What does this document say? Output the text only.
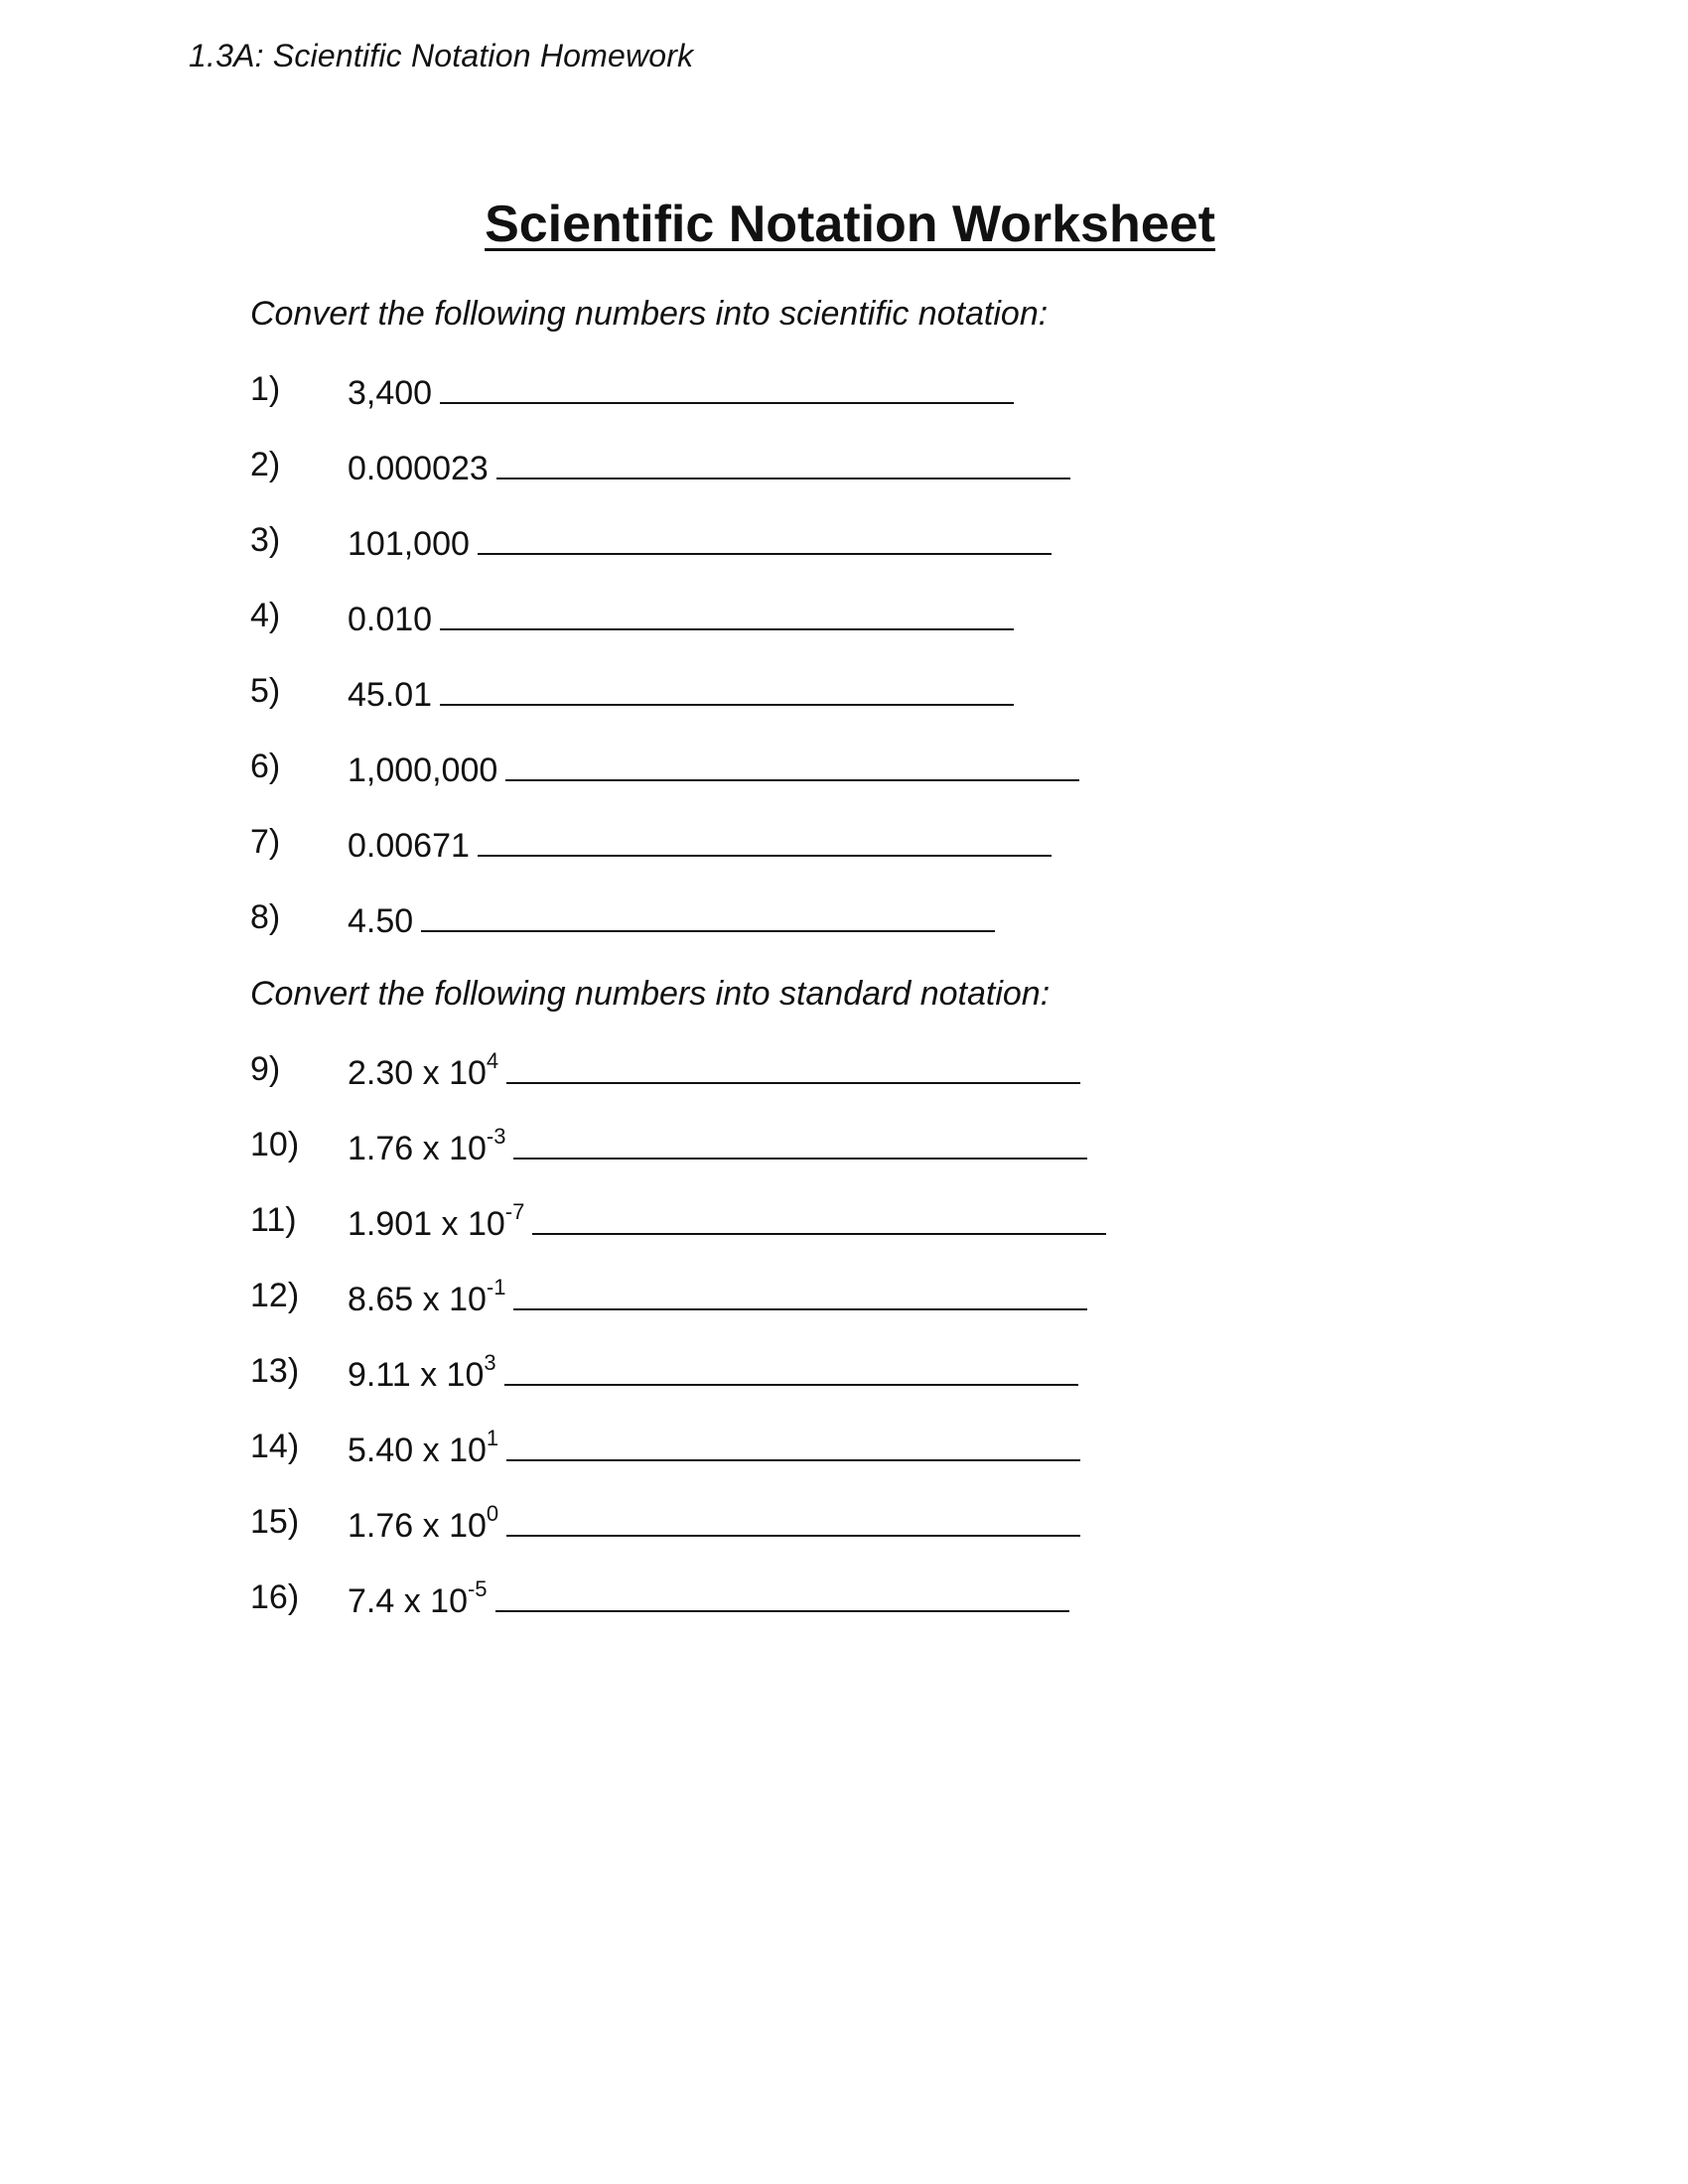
1.3A: Scientific Notation Homework
Scientific Notation Worksheet
Convert the following numbers into scientific notation:
1) 3,400
2) 0.000023
3) 101,000
4) 0.010
5) 45.01
6) 1,000,000
7) 0.00671
8) 4.50
Convert the following numbers into standard notation:
9) 2.30 x $10^4$
10) 1.76 x $10^{-3}$
11) 1.901 x $10^{-7}$
12) 8.65 x $10^{-1}$
13) 9.11 x $10^3$
14) 5.40 x $10^1$
15) 1.76 x $10^0$
16) 7.4 x $10^{-5}$
